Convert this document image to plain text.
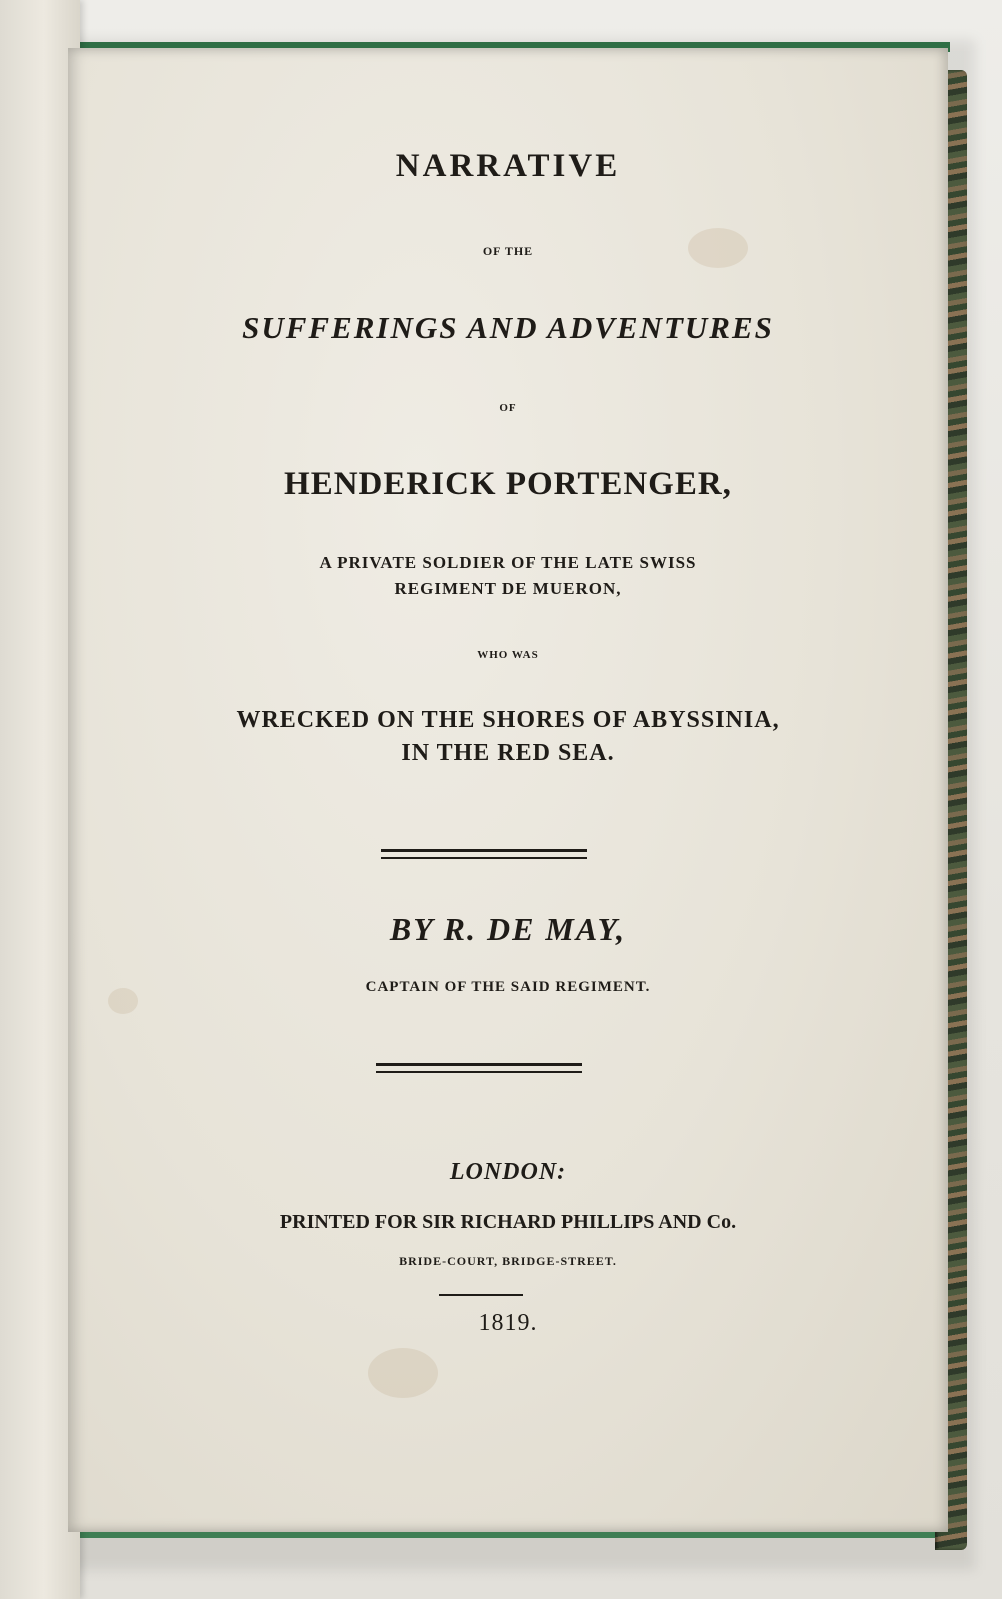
NARRATIVE
OF THE
SUFFERINGS AND ADVENTURES
OF
HENDERICK PORTENGER,
A PRIVATE SOLDIER OF THE LATE SWISS
REGIMENT DE MUERON,
WHO WAS
WRECKED ON THE SHORES OF ABYSSINIA,
IN THE RED SEA.
BY R. DE MAY,
CAPTAIN OF THE SAID REGIMENT.
LONDON:
PRINTED FOR SIR RICHARD PHILLIPS AND Co.
BRIDE-COURT, BRIDGE-STREET.
1819.
